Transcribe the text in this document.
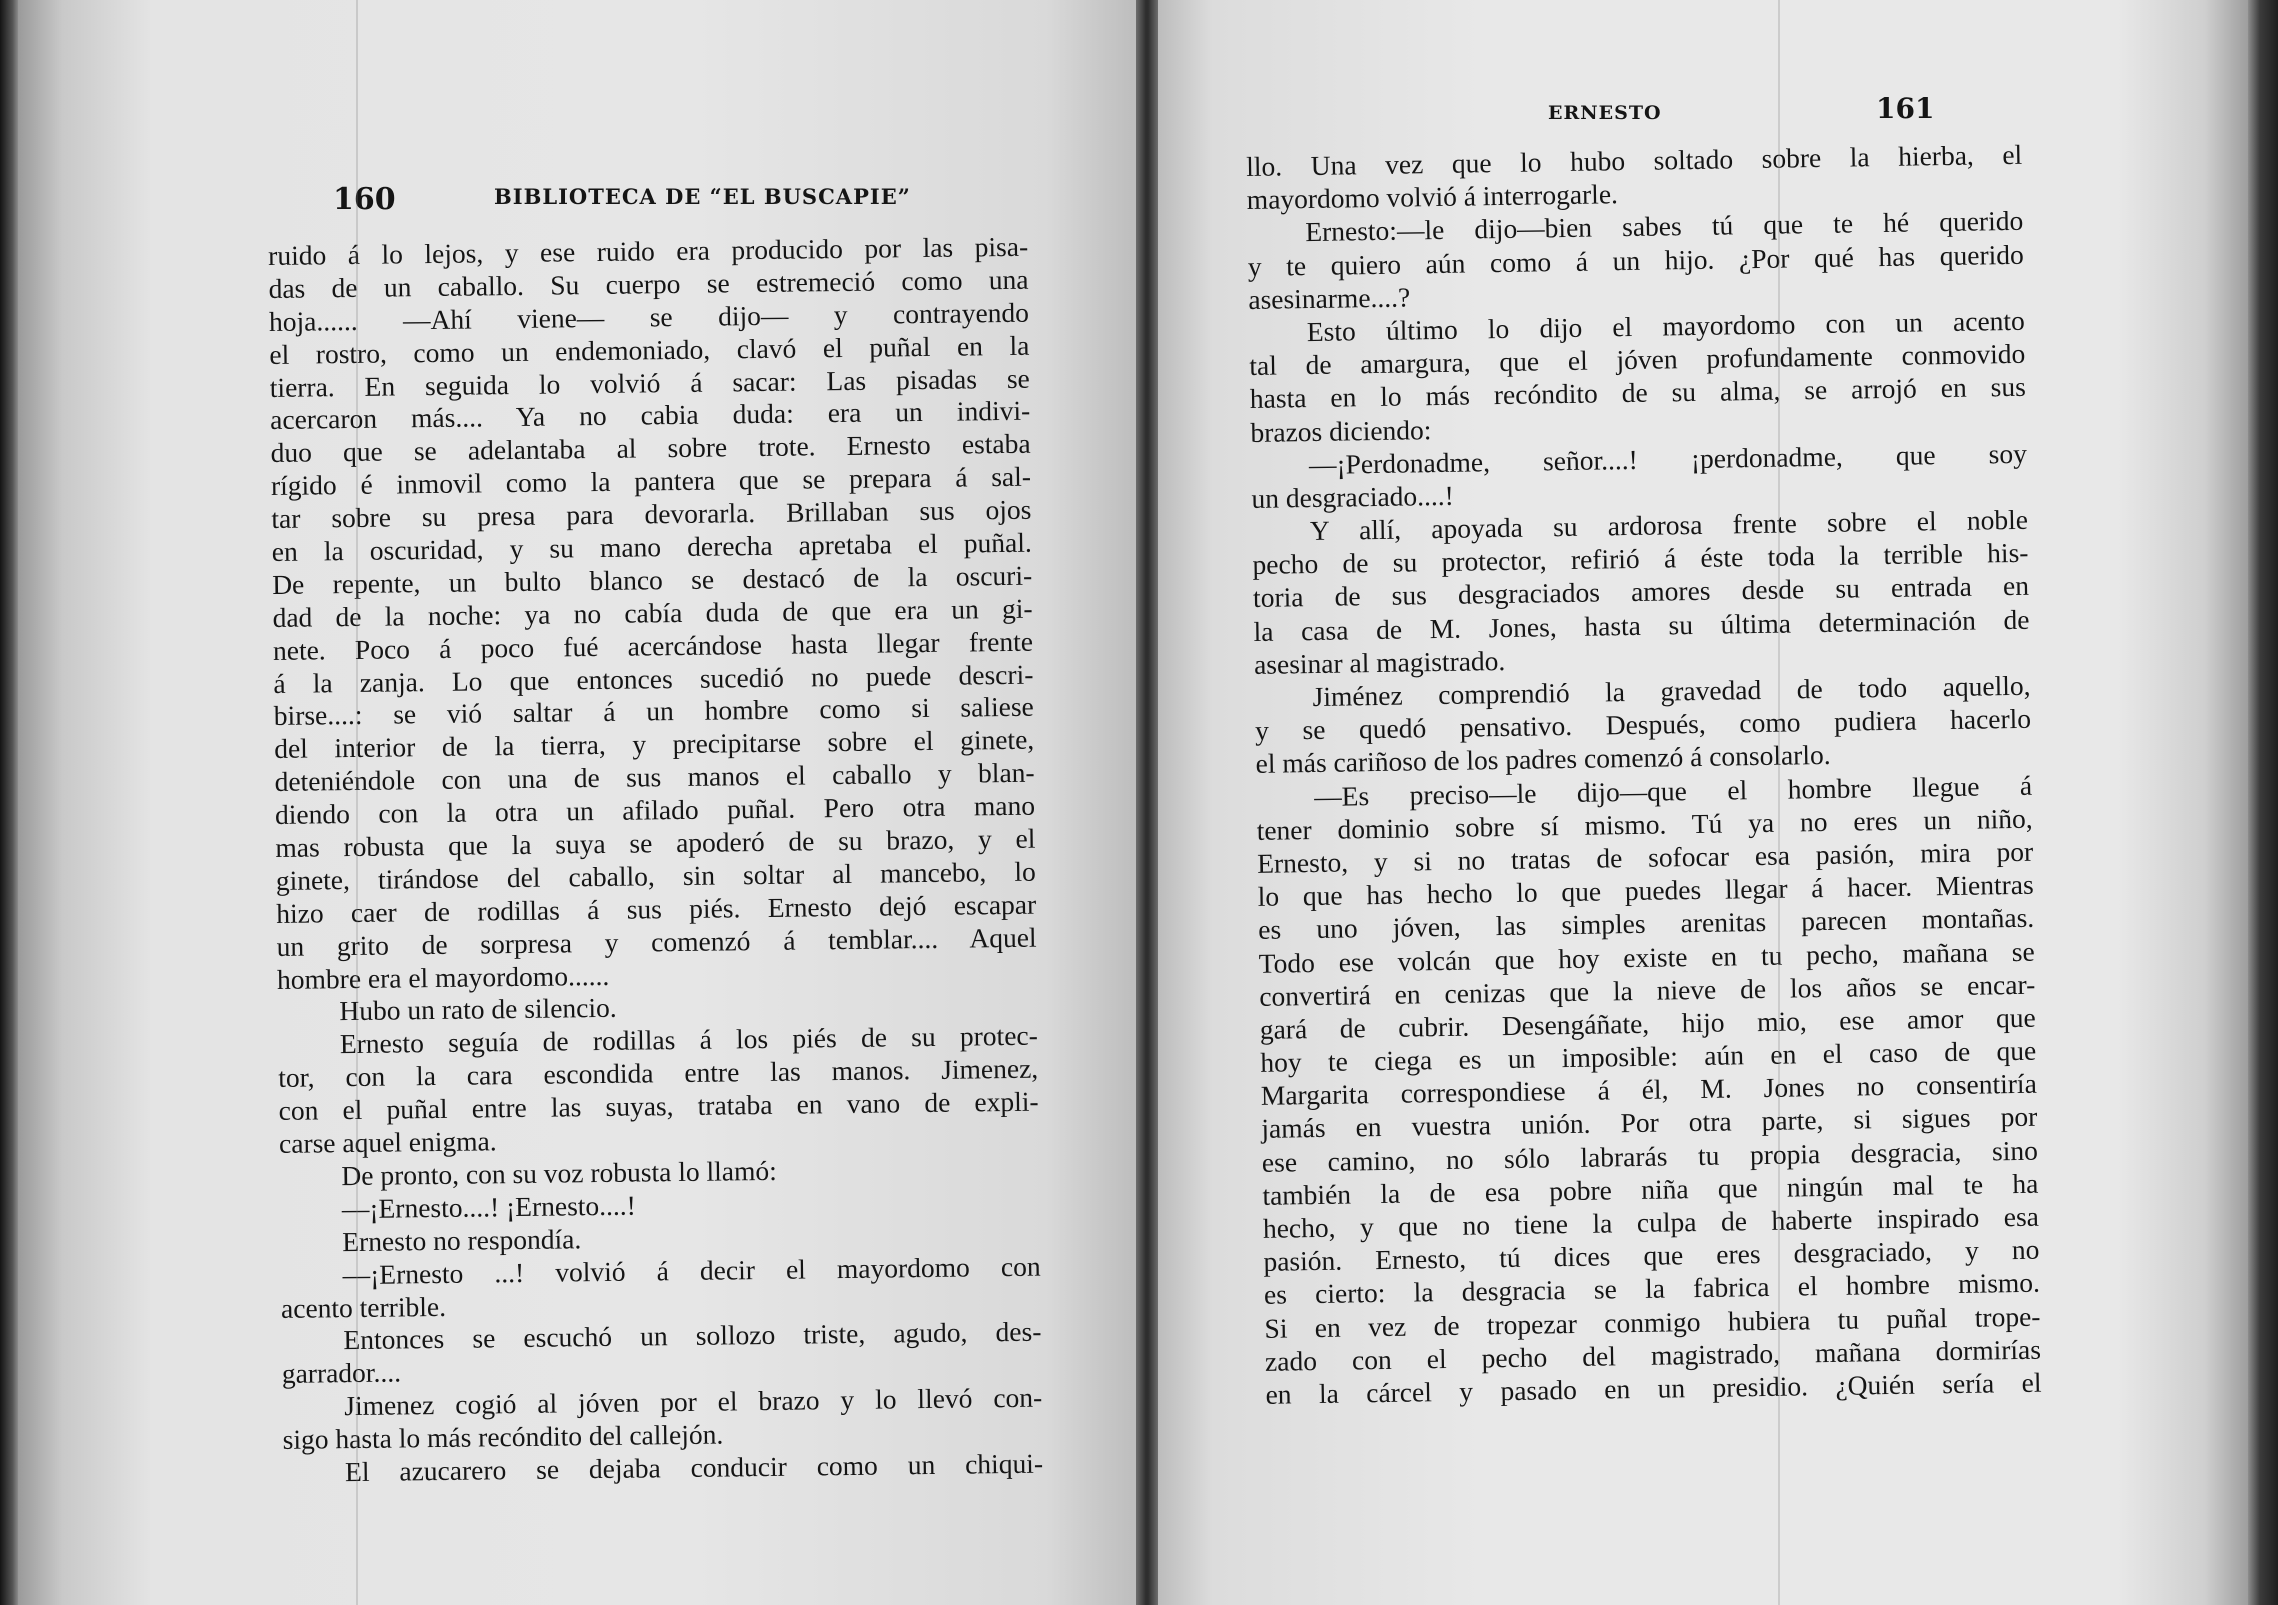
160	BIBLIOTECA DE “EL BUSCAPIE”
ruido á lo lejos, y ese ruido era producido por las pisa-
das de un caballo. Su cuerpo se estremeció como una
hoja...... —Ahí viene— se dijo— y contrayendo
el rostro, como un endemoniado, clavó el puñal en la
tierra. En seguida lo volvió á sacar: Las pisadas se
acercaron más.... Ya no cabia duda: era un indivi-
duo que se adelantaba al sobre trote. Ernesto estaba
rígido é inmovil como la pantera que se prepara á sal-
tar sobre su presa para devorarla. Brillaban sus ojos
en la oscuridad, y su mano derecha apretaba el puñal.
De repente, un bulto blanco se destacó de la oscuri-
dad de la noche: ya no cabía duda de que era un gi-
nete. Poco á poco fué acercándose hasta llegar frente
á la zanja. Lo que entonces sucedió no puede descri-
birse....: se vió saltar á un hombre como si saliese
del interior de la tierra, y precipitarse sobre el ginete,
deteniéndole con una de sus manos el caballo y blan-
diendo con la otra un afilado puñal. Pero otra mano
mas robusta que la suya se apoderó de su brazo, y el
ginete, tirándose del caballo, sin soltar al mancebo, lo
hizo caer de rodillas á sus piés. Ernesto dejó escapar
un grito de sorpresa y comenzó á temblar.... Aquel
hombre era el mayordomo......
Hubo un rato de silencio.
Ernesto seguía de rodillas á los piés de su protec-
tor, con la cara escondida entre las manos. Jimenez,
con el puñal entre las suyas, trataba en vano de expli-
carse aquel enigma.
De pronto, con su voz robusta lo llamó:
—¡Ernesto....! ¡Ernesto....!
Ernesto no respondía.
—¡Ernesto ...! volvió á decir el mayordomo con
acento terrible.
Entonces se escuchó un sollozo triste, agudo, des-
garrador....
Jimenez cogió al jóven por el brazo y lo llevó con-
sigo hasta lo más recóndito del callejón.
El azucarero se dejaba conducir como un chiqui-
ERNESTO	161
llo. Una vez que lo hubo soltado sobre la hierba, el
mayordomo volvió á interrogarle.
Ernesto:—le dijo—bien sabes tú que te hé querido
y te quiero aún como á un hijo. ¿Por qué has querido
asesinarme....?
Esto último lo dijo el mayordomo con un acento
tal de amargura, que el jóven profundamente conmovido
hasta en lo más recóndito de su alma, se arrojó en sus
brazos diciendo:
—¡Perdonadme, señor....! ¡perdonadme, que soy
un desgraciado....!
Y allí, apoyada su ardorosa frente sobre el noble
pecho de su protector, refirió á éste toda la terrible his-
toria de sus desgraciados amores desde su entrada en
la casa de M. Jones, hasta su última determinación de
asesinar al magistrado.
Jiménez comprendió la gravedad de todo aquello,
y se quedó pensativo. Después, como pudiera hacerlo
el más cariñoso de los padres comenzó á consolarlo.
—Es preciso—le dijo—que el hombre llegue á
tener dominio sobre sí mismo. Tú ya no eres un niño,
Ernesto, y si no tratas de sofocar esa pasión, mira por
lo que has hecho lo que puedes llegar á hacer. Mientras
es uno jóven, las simples arenitas parecen montañas.
Todo ese volcán que hoy existe en tu pecho, mañana se
convertirá en cenizas que la nieve de los años se encar-
gará de cubrir. Desengáñate, hijo mio, ese amor que
hoy te ciega es un imposible: aún en el caso de que
Margarita correspondiese á él, M. Jones no consentiría
jamás en vuestra unión. Por otra parte, si sigues por
ese camino, no sólo labrarás tu propia desgracia, sino
también la de esa pobre niña que ningún mal te ha
hecho, y que no tiene la culpa de haberte inspirado esa
pasión. Ernesto, tú dices que eres desgraciado, y no
es cierto: la desgracia se la fabrica el hombre mismo.
Si en vez de tropezar conmigo hubiera tu puñal trope-
zado con el pecho del magistrado, mañana dormirías
en la cárcel y pasado en un presidio. ¿Quién sería el
